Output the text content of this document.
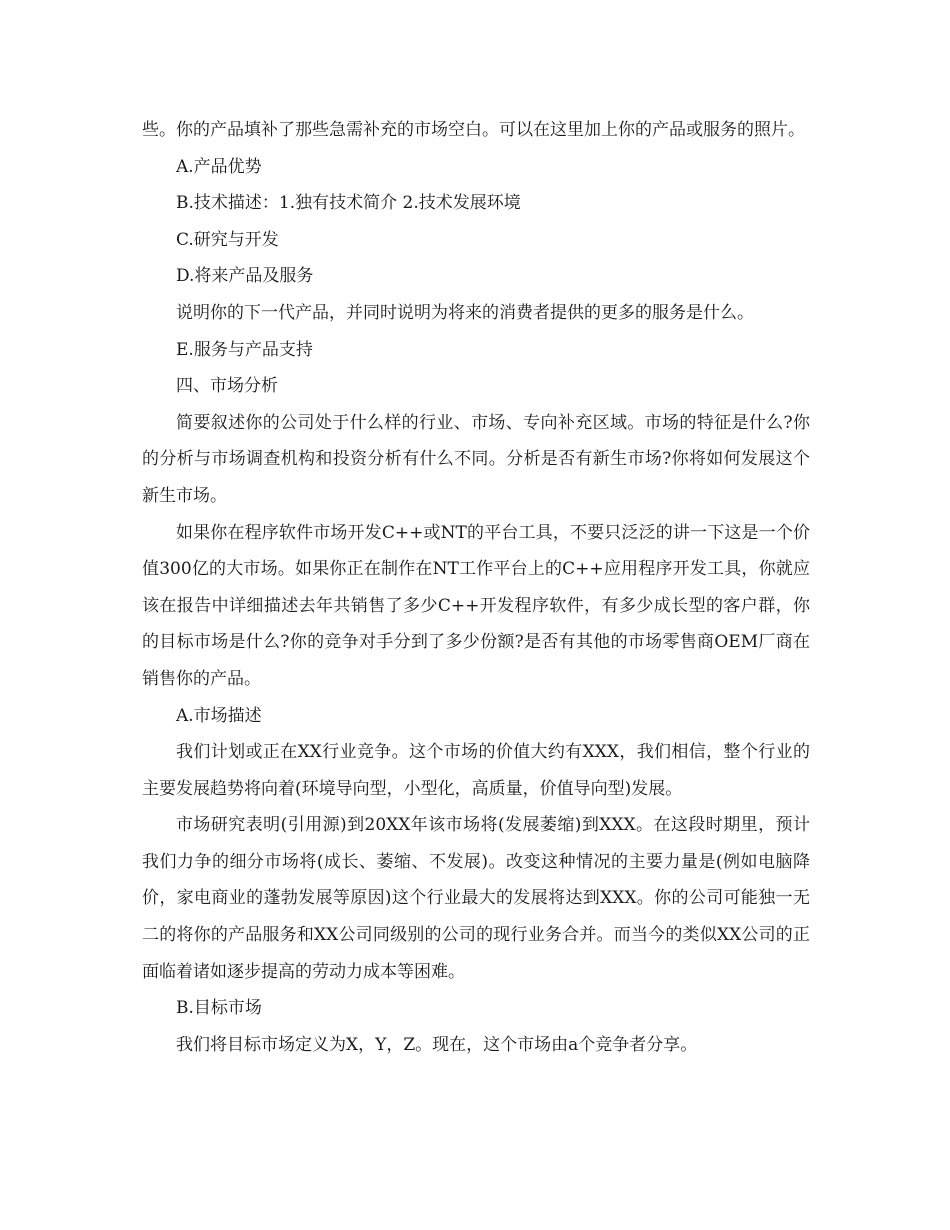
些。你的产品填补了那些急需补充的市场空白。可以在这里加上你的产品或服务的照片。

A.产品优势

B.技术描述：1.独有技术简介 2.技术发展环境

C.研究与开发

D.将来产品及服务

说明你的下一代产品，并同时说明为将来的消费者提供的更多的服务是什么。

E.服务与产品支持

四、市场分析

简要叙述你的公司处于什么样的行业、市场、专向补充区域。市场的特征是什么?你的分析与市场调查机构和投资分析有什么不同。分析是否有新生市场?你将如何发展这个新生市场。

如果你在程序软件市场开发C++或NT的平台工具，不要只泛泛的讲一下这是一个价值300亿的大市场。如果你正在制作在NT工作平台上的C++应用程序开发工具，你就应该在报告中详细描述去年共销售了多少C++开发程序软件，有多少成长型的客户群，你的目标市场是什么?你的竞争对手分到了多少份额?是否有其他的市场零售商OEM厂商在销售你的产品。

A.市场描述

我们计划或正在XX行业竞争。这个市场的价值大约有XXX，我们相信，整个行业的主要发展趋势将向着(环境导向型，小型化，高质量，价值导向型)发展。

市场研究表明(引用源)到20XX年该市场将(发展萎缩)到XXX。在这段时期里，预计我们力争的细分市场将(成长、萎缩、不发展)。改变这种情况的主要力量是(例如电脑降价，家电商业的蓬勃发展等原因)这个行业最大的发展将达到XXX。你的公司可能独一无二的将你的产品服务和XX公司同级别的公司的现行业务合并。而当今的类似XX公司的正面临着诸如逐步提高的劳动力成本等困难。

B.目标市场

我们将目标市场定义为X，Y，Z。现在，这个市场由a个竞争者分享。
